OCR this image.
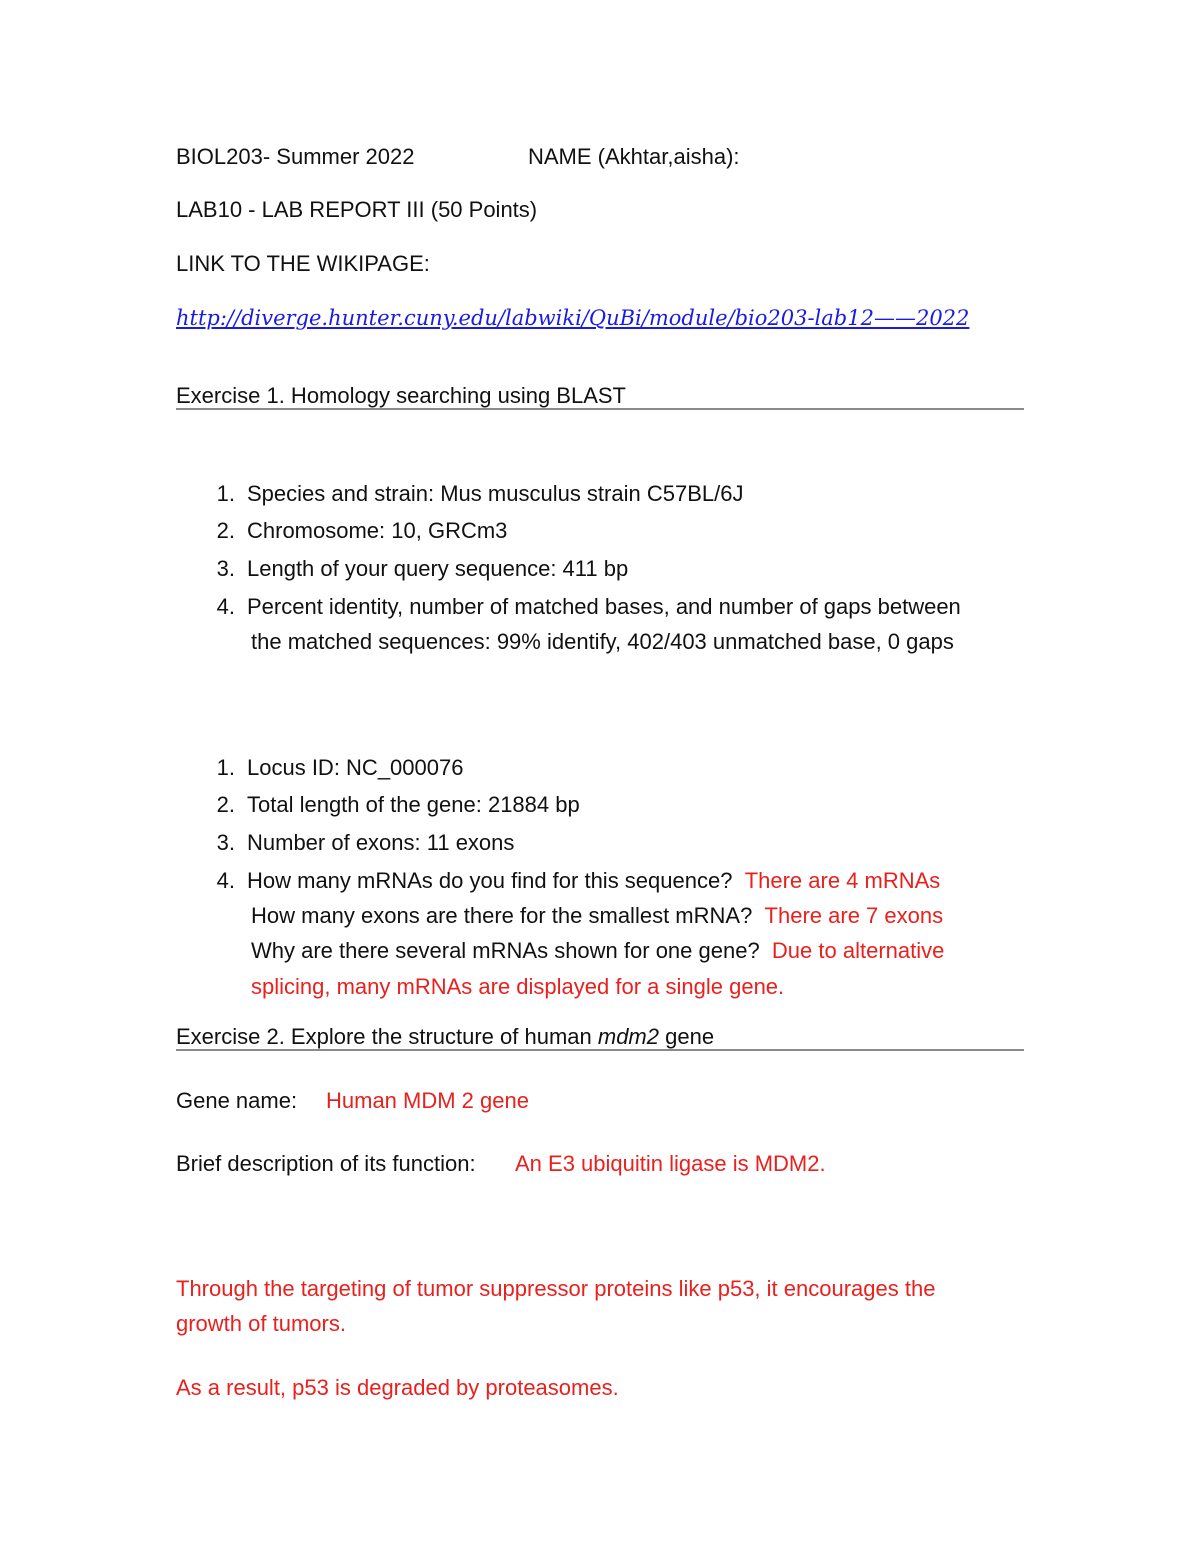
BIOL203- Summer 2022	NAME (Akhtar,aisha):
LAB10 - LAB REPORT III (50 Points)
LINK TO THE WIKIPAGE:
http://diverge.hunter.cuny.edu/labwiki/QuBi/module/bio203-lab12——2022
Exercise 1. Homology searching using BLAST
1. Species and strain: Mus musculus strain C57BL/6J
2. Chromosome: 10, GRCm3
3. Length of your query sequence: 411 bp
4. Percent identity, number of matched bases, and number of gaps between
the matched sequences: 99% identify, 402/403 unmatched base, 0 gaps
1. Locus ID: NC_000076
2. Total length of the gene: 21884 bp
3. Number of exons: 11 exons
4. How many mRNAs do you find for this sequence? There are 4 mRNAs
How many exons are there for the smallest mRNA? There are 7 exons
Why are there several mRNAs shown for one gene? Due to alternative
splicing, many mRNAs are displayed for a single gene.
Exercise 2. Explore the structure of human mdm2 gene
Gene name: Human MDM 2 gene
Brief description of its function: An E3 ubiquitin ligase is MDM2.
Through the targeting of tumor suppressor proteins like p53, it encourages the
growth of tumors.
As a result, p53 is degraded by proteasomes.
